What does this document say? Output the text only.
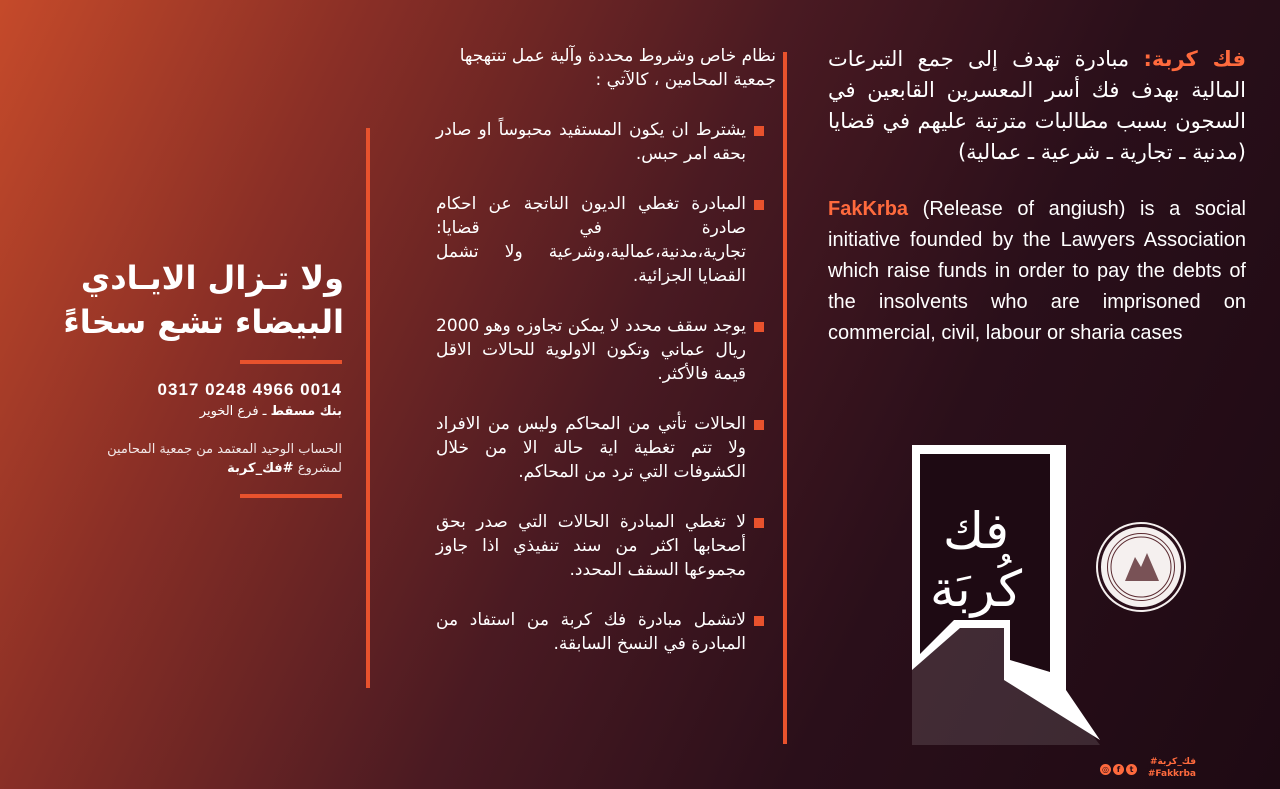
فك كربة: مبادرة تهدف إلى جمع التبرعات المالية بهدف فك أسر المعسرين القابعين في السجون بسبب مطالبات مترتبة عليهم في قضايا (مدنية ـ تجارية ـ شرعية ـ عمالية)

FakKrba (Release of angiush) is a social initiative founded by the Lawyers Association which raise funds in order to pay the debts of the insolvents who are imprisoned on commercial, civil, labour or sharia cases

نظام خاص وشروط محددة وآلية عمل تنتهجها جمعية المحامين ، كالآتي :

يشترط ان يكون المستفيد محبوساً او صادر بحقه امر حبس.
المبادرة تغطي الديون الناتجة عن احكام صادرة في قضايا: تجارية،مدنية،عمالية،وشرعية ولا تشمل القضايا الجزائية.
يوجد سقف محدد لا يمكن تجاوزه وهو 2000 ريال عماني وتكون الاولوية للحالات الاقل قيمة فالأكثر.
الحالات تأتي من المحاكم وليس من الافراد ولا تتم تغطية اية حالة الا من خلال الكشوفات التي ترد من المحاكم.
لا تغطي المبادرة الحالات التي صدر بحق أصحابها اكثر من سند تنفيذي اذا جاوز مجموعها السقف المحدد.
لاتشمل مبادرة فك كربة من استفاد من المبادرة في النسخ السابقة.
ولا تـزال الايـادي
البيضاء تشع سخاءً
0317 0248 4966 0014
بنك مسقط ـ فرع الخوير
الحساب الوحيد المعتمد من جمعية المحامين
لمشروع #فك_كربة
فك
كُربَة
◎ f	t
#فك_كربة
#Fakkrba
